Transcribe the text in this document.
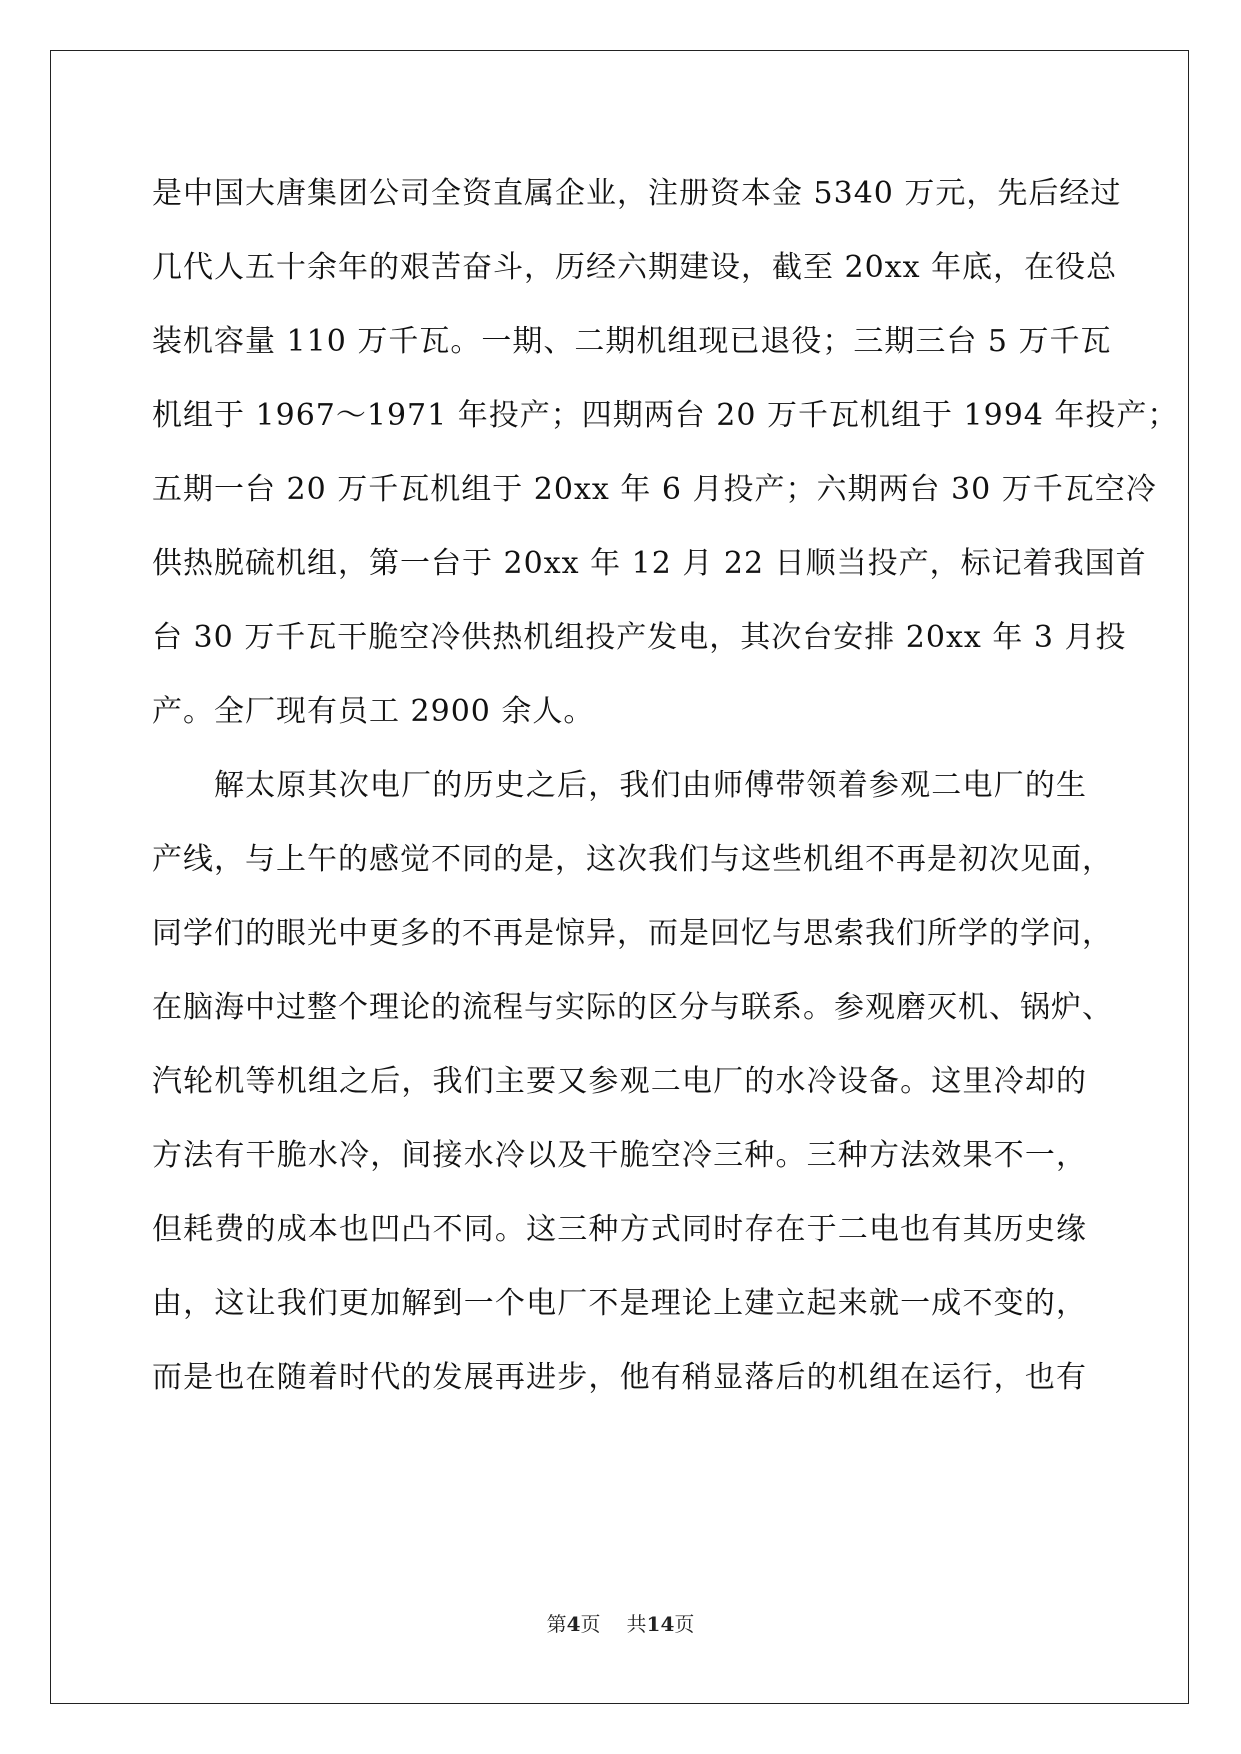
是中国大唐集团公司全资直属企业，注册资本金 5340 万元，先后经过
几代人五十余年的艰苦奋斗，历经六期建设，截至 20xx 年底，在役总
装机容量 110 万千瓦。一期、二期机组现已退役；三期三台 5 万千瓦
机组于 1967～1971 年投产；四期两台 20 万千瓦机组于 1994 年投产；
五期一台 20 万千瓦机组于 20xx 年 6 月投产；六期两台 30 万千瓦空冷
供热脱硫机组，第一台于 20xx 年 12 月 22 日顺当投产，标记着我国首
台 30 万千瓦干脆空冷供热机组投产发电，其次台安排 20xx 年 3 月投
产。全厂现有员工 2900 余人。
解太原其次电厂的历史之后，我们由师傅带领着参观二电厂的生
产线，与上午的感觉不同的是，这次我们与这些机组不再是初次见面，
同学们的眼光中更多的不再是惊异，而是回忆与思索我们所学的学问，
在脑海中过整个理论的流程与实际的区分与联系。参观磨灭机、锅炉、
汽轮机等机组之后，我们主要又参观二电厂的水冷设备。这里冷却的
方法有干脆水冷，间接水冷以及干脆空冷三种。三种方法效果不一，
但耗费的成本也凹凸不同。这三种方式同时存在于二电也有其历史缘
由，这让我们更加解到一个电厂不是理论上建立起来就一成不变的，
而是也在随着时代的发展再进步，他有稍显落后的机组在运行，也有
第4页 共14页
